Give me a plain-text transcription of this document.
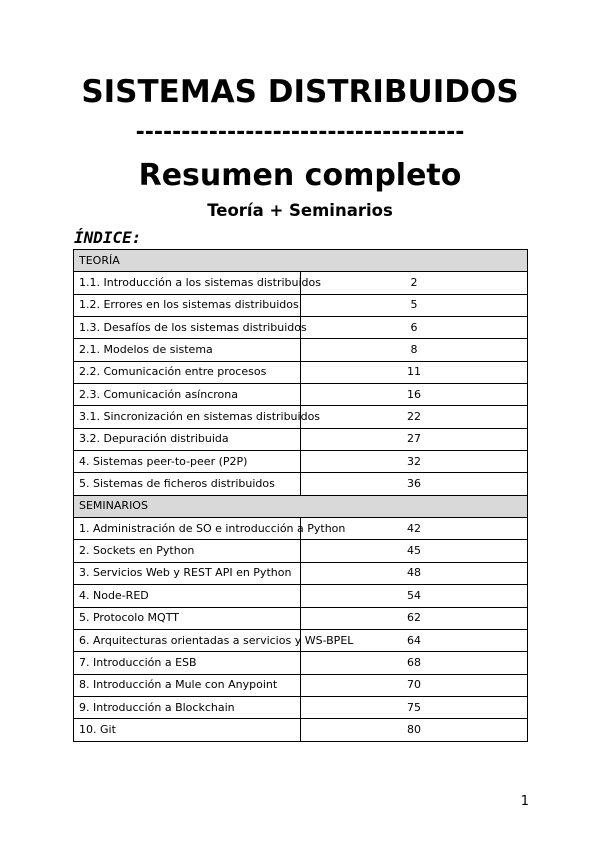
SISTEMAS DISTRIBUIDOS
------------------------------------
Resumen completo
Teoría + Seminarios
ÍNDICE:
TEORÍA	
1.1. Introducción a los sistemas distribuidos	2
1.2. Errores en los sistemas distribuidos	5
1.3. Desafíos de los sistemas distribuidos	6
2.1. Modelos de sistema	8
2.2. Comunicación entre procesos	11
2.3. Comunicación asíncrona	16
3.1. Sincronización en sistemas distribuidos	22
3.2. Depuración distribuida	27
4. Sistemas peer-to-peer (P2P)	32
5. Sistemas de ficheros distribuidos	36
SEMINARIOS	
1. Administración de SO e introducción a Python	42
2. Sockets en Python	45
3. Servicios Web y REST API en Python	48
4. Node-RED	54
5. Protocolo MQTT	62
6. Arquitecturas orientadas a servicios y WS-BPEL	64
7. Introducción a ESB	68
8. Introducción a Mule con Anypoint	70
9. Introducción a Blockchain	75
10. Git	80
1
